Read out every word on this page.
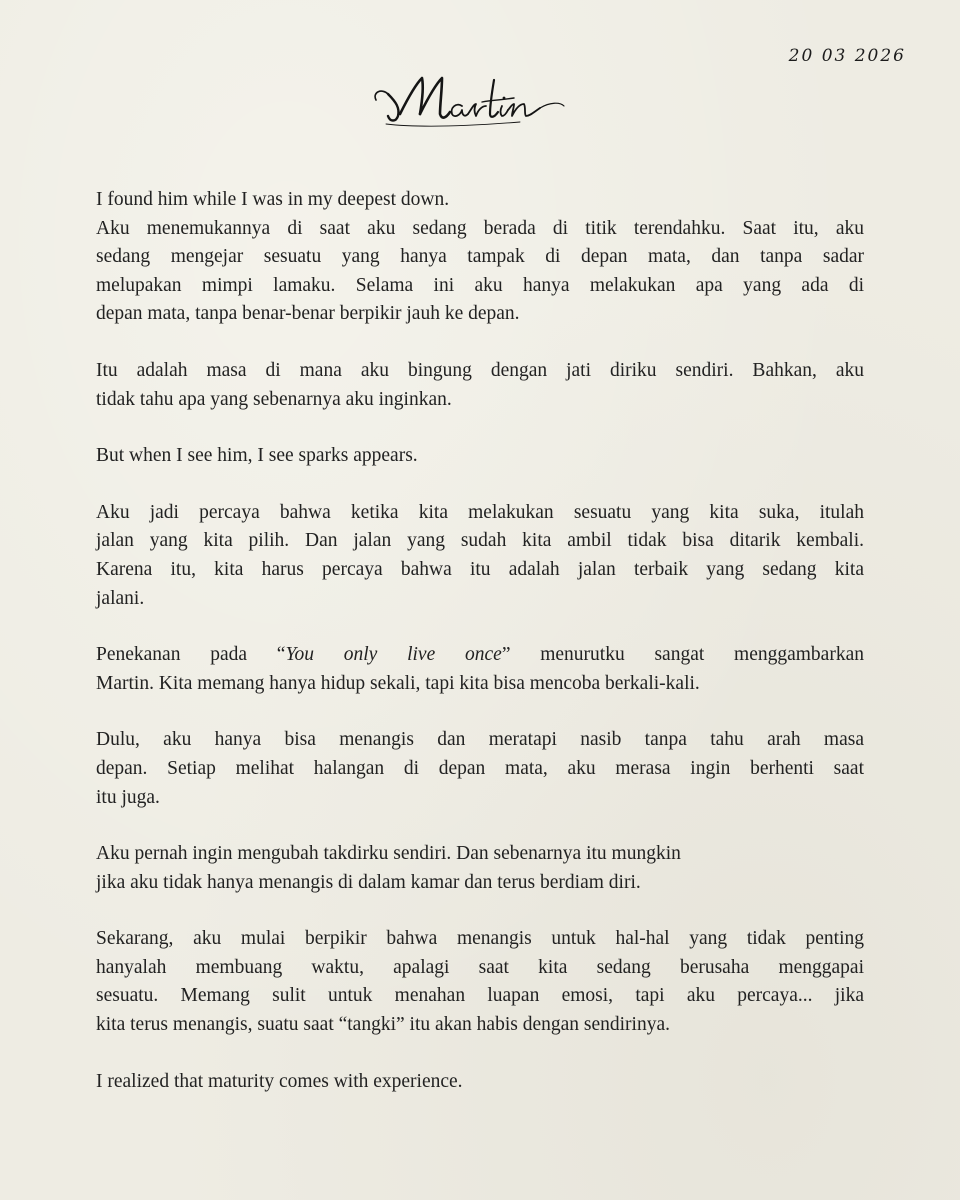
20 03 2026
I found him while I was in my deepest down.
Aku menemukannya di saat aku sedang berada di titik terendahku. Saat itu, aku
sedang mengejar sesuatu yang hanya tampak di depan mata, dan tanpa sadar
melupakan mimpi lamaku. Selama ini aku hanya melakukan apa yang ada di
depan mata, tanpa benar-benar berpikir jauh ke depan.
Itu adalah masa di mana aku bingung dengan jati diriku sendiri. Bahkan, aku
tidak tahu apa yang sebenarnya aku inginkan.
But when I see him, I see sparks appears.
Aku jadi percaya bahwa ketika kita melakukan sesuatu yang kita suka, itulah
jalan yang kita pilih. Dan jalan yang sudah kita ambil tidak bisa ditarik kembali.
Karena itu, kita harus percaya bahwa itu adalah jalan terbaik yang sedang kita
jalani.
Penekanan pada “You only live once” menurutku sangat menggambarkan
Martin. Kita memang hanya hidup sekali, tapi kita bisa mencoba berkali-kali.
Dulu, aku hanya bisa menangis dan meratapi nasib tanpa tahu arah masa
depan. Setiap melihat halangan di depan mata, aku merasa ingin berhenti saat
itu juga.
Aku pernah ingin mengubah takdirku sendiri. Dan sebenarnya itu mungkin
jika aku tidak hanya menangis di dalam kamar dan terus berdiam diri.
Sekarang, aku mulai berpikir bahwa menangis untuk hal-hal yang tidak penting
hanyalah membuang waktu, apalagi saat kita sedang berusaha menggapai
sesuatu. Memang sulit untuk menahan luapan emosi, tapi aku percaya... jika
kita terus menangis, suatu saat “tangki” itu akan habis dengan sendirinya.
I realized that maturity comes with experience.
